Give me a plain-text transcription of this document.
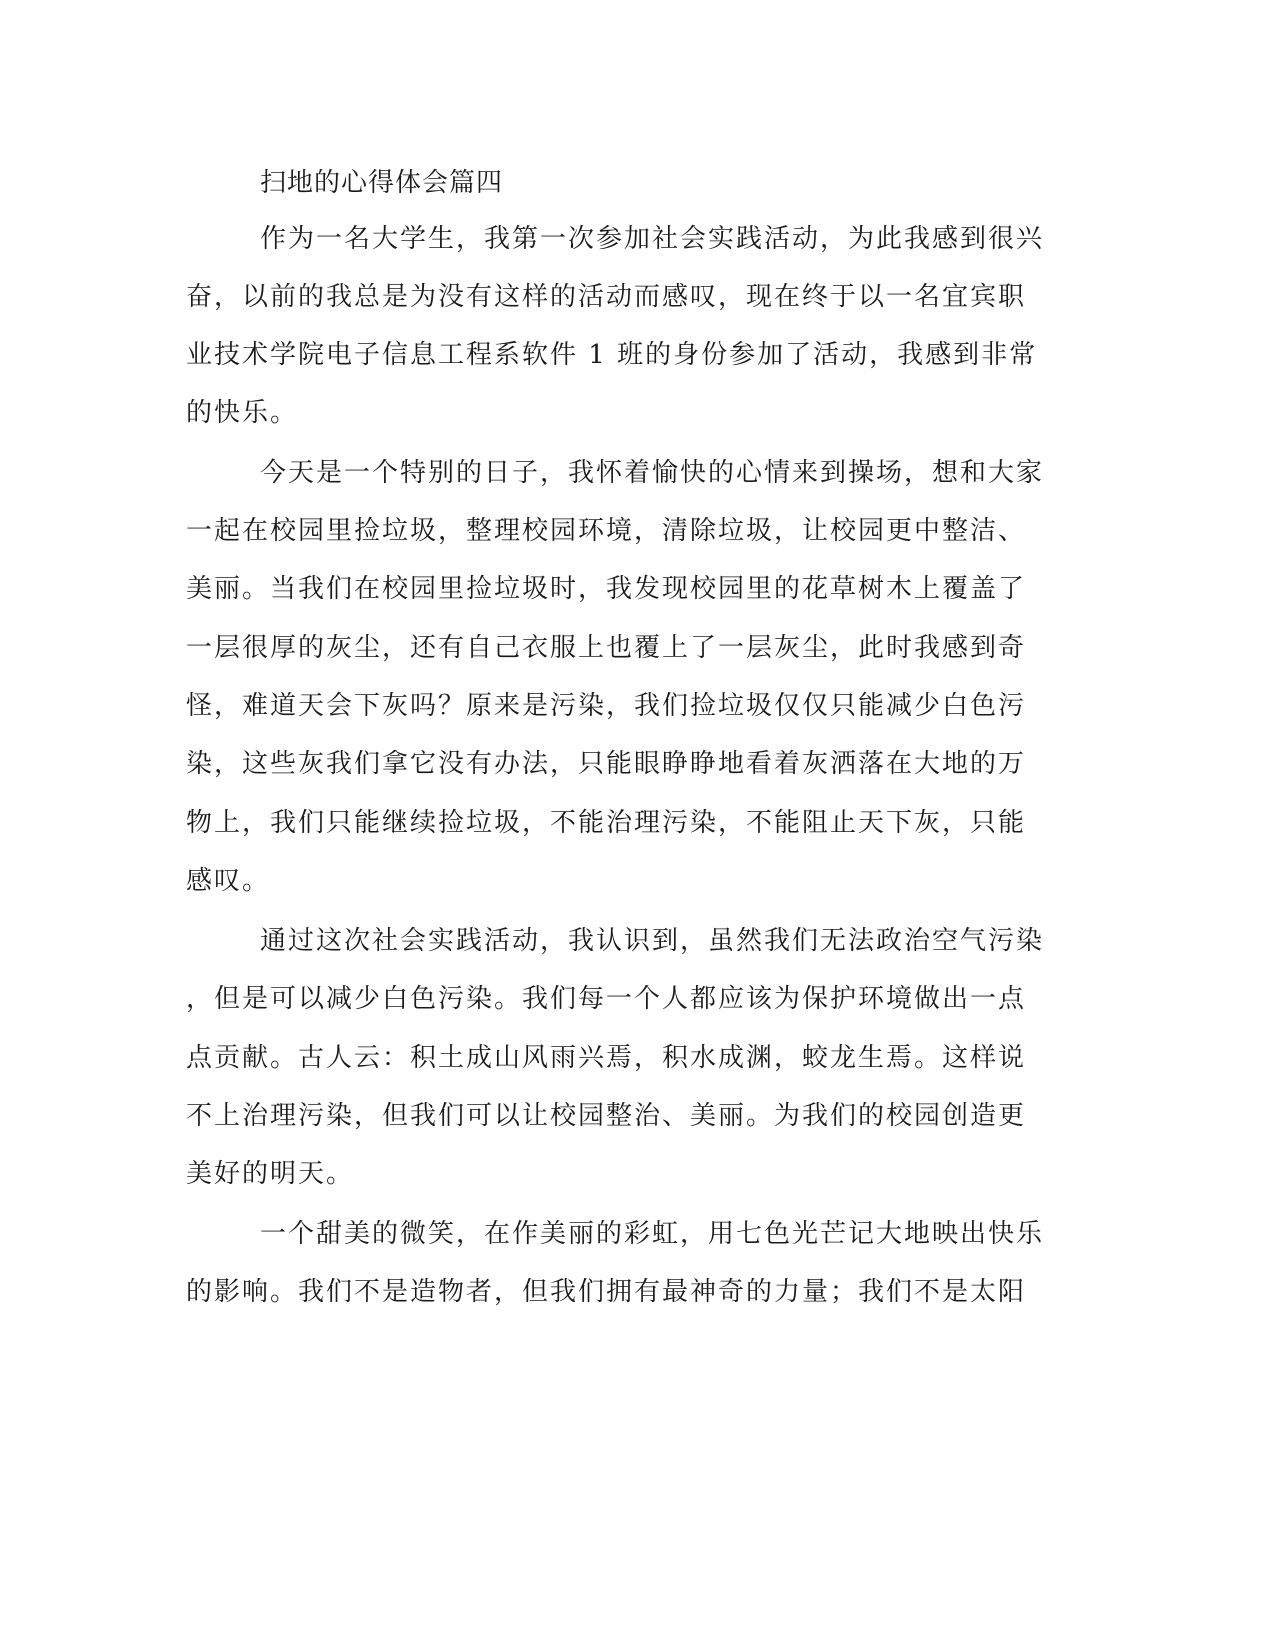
扫地的心得体会篇四

作为一名大学生，我第一次参加社会实践活动，为此我感到很兴

奋，以前的我总是为没有这样的活动而感叹，现在终于以一名宜宾职

业技术学院电子信息工程系软件 1 班的身份参加了活动，我感到非常

的快乐。

今天是一个特别的日子，我怀着愉快的心情来到操场，想和大家

一起在校园里捡垃圾，整理校园环境，清除垃圾，让校园更中整洁、

美丽。当我们在校园里捡垃圾时，我发现校园里的花草树木上覆盖了

一层很厚的灰尘，还有自己衣服上也覆上了一层灰尘，此时我感到奇

怪，难道天会下灰吗？原来是污染，我们捡垃圾仅仅只能减少白色污

染，这些灰我们拿它没有办法，只能眼睁睁地看着灰洒落在大地的万

物上，我们只能继续捡垃圾，不能治理污染，不能阻止天下灰，只能

感叹。

通过这次社会实践活动，我认识到，虽然我们无法政治空气污染

，但是可以减少白色污染。我们每一个人都应该为保护环境做出一点

点贡献。古人云：积土成山风雨兴焉，积水成渊，蛟龙生焉。这样说

不上治理污染，但我们可以让校园整治、美丽。为我们的校园创造更

美好的明天。

一个甜美的微笑，在作美丽的彩虹，用七色光芒记大地映出快乐

的影响。我们不是造物者，但我们拥有最神奇的力量；我们不是太阳
